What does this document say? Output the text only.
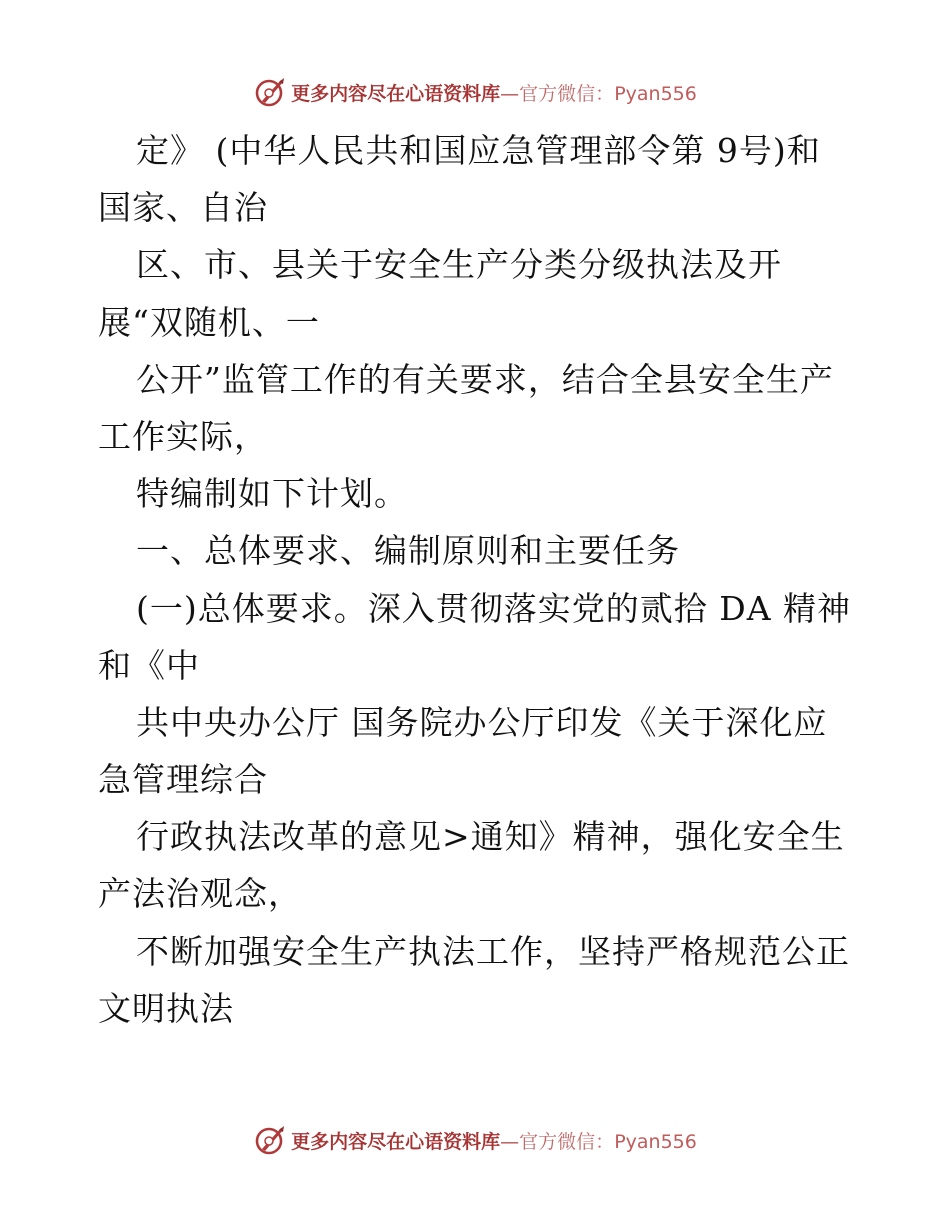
更多内容尽在心语资料库—官方微信：Pyan556
定》 (中华人民共和国应急管理部令第 9号)和
国家、自治
区、市、县关于安全生产分类分级执法及开
展“双随机、一
公开”监管工作的有关要求，结合全县安全生产
工作实际，
特编制如下计划。
一、总体要求、编制原则和主要任务
(一)总体要求。深入贯彻落实党的贰拾 DA 精神
和《中
共中央办公厅 国务院办公厅印发《关于深化应
急管理综合
行政执法改革的意见>通知》精神，强化安全生
产法治观念，
不断加强安全生产执法工作，坚持严格规范公正
文明执法
更多内容尽在心语资料库—官方微信：Pyan556
